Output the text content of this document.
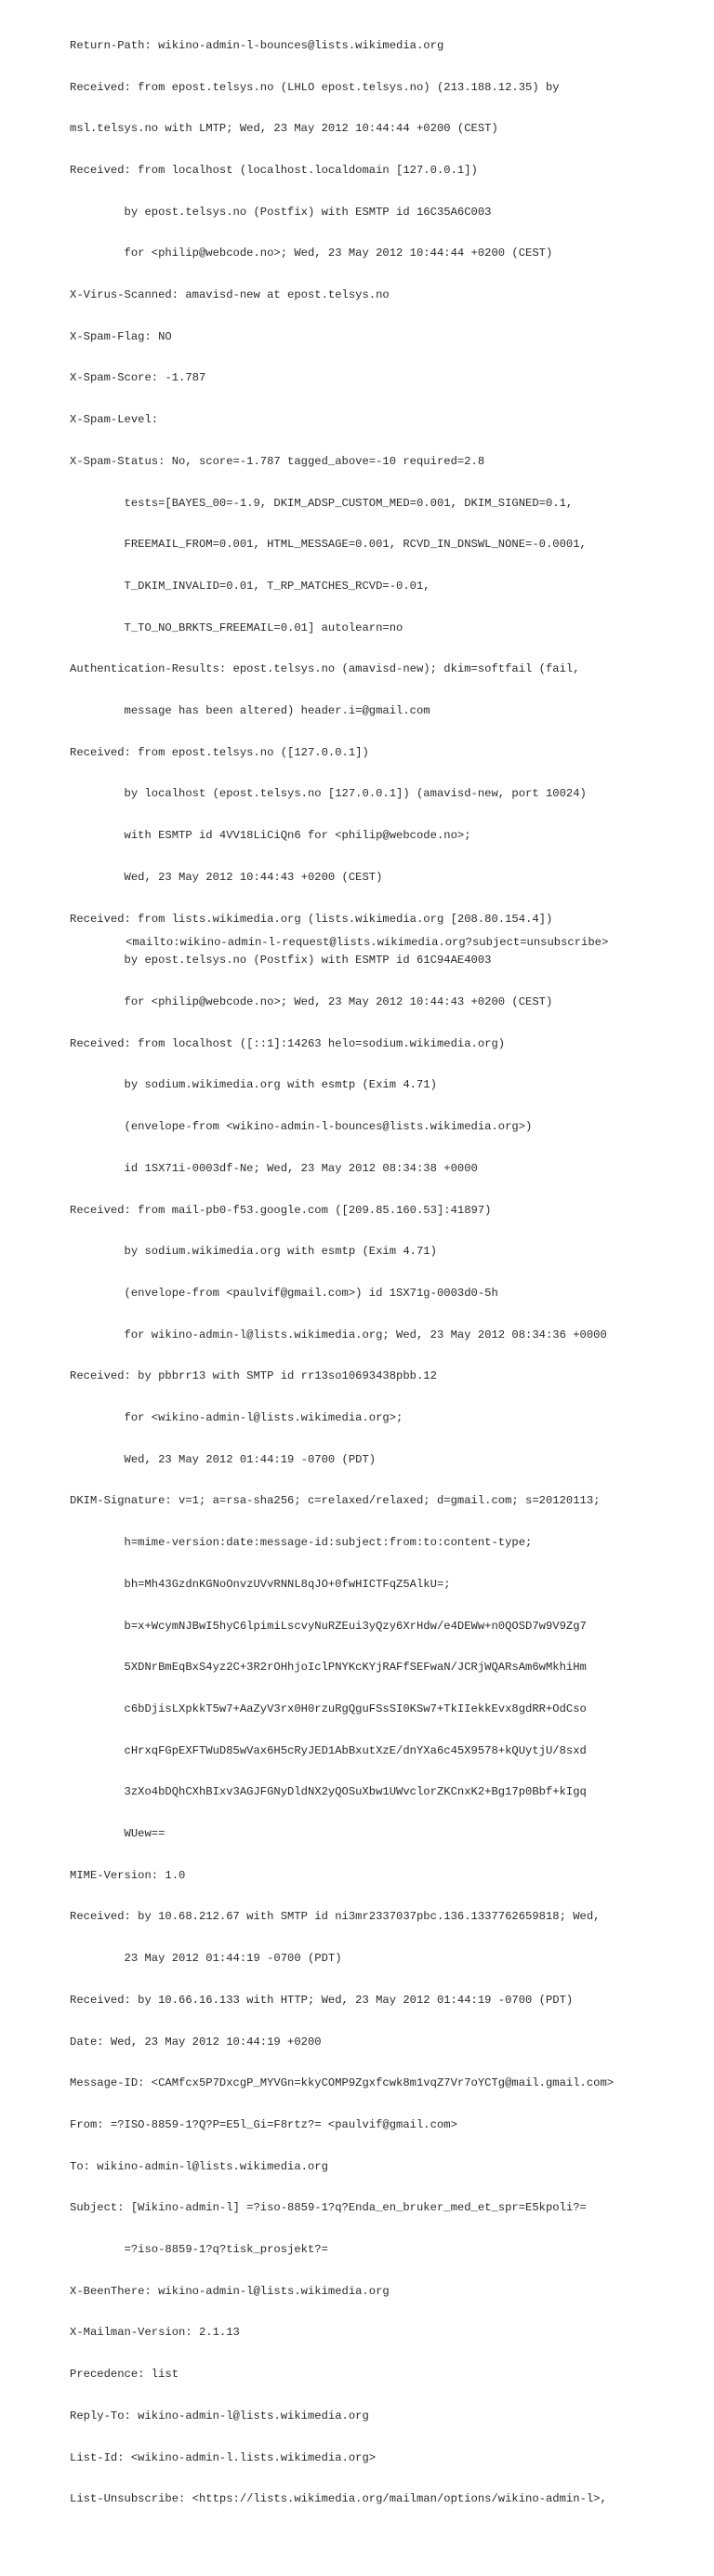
Return-Path: wikino-admin-l-bounces@lists.wikimedia.org

Received: from epost.telsys.no (LHLO epost.telsys.no) (213.188.12.35) by

msl.telsys.no with LMTP; Wed, 23 May 2012 10:44:44 +0200 (CEST)

Received: from localhost (localhost.localdomain [127.0.0.1])

by epost.telsys.no (Postfix) with ESMTP id 16C35A6C003

for <philip@webcode.no>; Wed, 23 May 2012 10:44:44 +0200 (CEST)

X-Virus-Scanned: amavisd-new at epost.telsys.no

X-Spam-Flag: NO

X-Spam-Score: -1.787

X-Spam-Level:

X-Spam-Status: No, score=-1.787 tagged_above=-10 required=2.8

tests=[BAYES_00=-1.9, DKIM_ADSP_CUSTOM_MED=0.001, DKIM_SIGNED=0.1,

FREEMAIL_FROM=0.001, HTML_MESSAGE=0.001, RCVD_IN_DNSWL_NONE=-0.0001,

T_DKIM_INVALID=0.01, T_RP_MATCHES_RCVD=-0.01,

T_TO_NO_BRKTS_FREEMAIL=0.01] autolearn=no

Authentication-Results: epost.telsys.no (amavisd-new); dkim=softfail (fail,

message has been altered) header.i=@gmail.com

Received: from epost.telsys.no ([127.0.0.1])

by localhost (epost.telsys.no [127.0.0.1]) (amavisd-new, port 10024)

with ESMTP id 4VV18LiCiQn6 for <philip@webcode.no>;

Wed, 23 May 2012 10:44:43 +0200 (CEST)

Received: from lists.wikimedia.org (lists.wikimedia.org [208.80.154.4])

by epost.telsys.no (Postfix) with ESMTP id 61C94AE4003

for <philip@webcode.no>; Wed, 23 May 2012 10:44:43 +0200 (CEST)

Received: from localhost ([::1]:14263 helo=sodium.wikimedia.org)

by sodium.wikimedia.org with esmtp (Exim 4.71)

(envelope-from <wikino-admin-l-bounces@lists.wikimedia.org>)

id 1SX71i-0003df-Ne; Wed, 23 May 2012 08:34:38 +0000

Received: from mail-pb0-f53.google.com ([209.85.160.53]:41897)

by sodium.wikimedia.org with esmtp (Exim 4.71)

(envelope-from <paulvif@gmail.com>) id 1SX71g-0003d0-5h

for wikino-admin-l@lists.wikimedia.org; Wed, 23 May 2012 08:34:36 +0000

Received: by pbbrr13 with SMTP id rr13so10693438pbb.12

for <wikino-admin-l@lists.wikimedia.org>;

Wed, 23 May 2012 01:44:19 -0700 (PDT)

DKIM-Signature: v=1; a=rsa-sha256; c=relaxed/relaxed; d=gmail.com; s=20120113;

h=mime-version:date:message-id:subject:from:to:content-type;

bh=Mh43GzdnKGNoOnvzUVvRNNL8qJO+0fwHICTFqZ5AlkU=;

b=x+WcymNJBwI5hyC6lpimiLscvyNuRZEui3yQzy6XrHdw/e4DEWw+n0QOSD7w9V9Zg7

5XDNrBmEqBxS4yz2C+3R2rOHhjoIclPNYKcKYjRAFfSEFwaN/JCRjWQARsAm6wMkhiHm

c6bDjisLXpkkT5w7+AaZyV3rx0H0rzuRgQguFSsSI0KSw7+TkIIekkEvx8gdRR+OdCso

cHrxqFGpEXFTWuD85wVax6H5cRyJED1AbBxutXzE/dnYXa6c45X9578+kQUytjU/8sxd

3zXo4bDQhCXhBIxv3AGJFGNyDldNX2yQOSuXbw1UWvclorZKCnxK2+Bg17p0Bbf+kIgq

WUew==

MIME-Version: 1.0

Received: by 10.68.212.67 with SMTP id ni3mr2337037pbc.136.1337762659818; Wed,

23 May 2012 01:44:19 -0700 (PDT)

Received: by 10.66.16.133 with HTTP; Wed, 23 May 2012 01:44:19 -0700 (PDT)

Date: Wed, 23 May 2012 10:44:19 +0200

Message-ID: <CAMfcx5P7DxcgP_MYVGn=kkyCOMP9Zgxfcwk8m1vqZ7Vr7oYCTg@mail.gmail.com>

From: =?ISO-8859-1?Q?P=E5l_Gi=F8rtz?= <paulvif@gmail.com>

To: wikino-admin-l@lists.wikimedia.org

Subject: [Wikino-admin-l] =?iso-8859-1?q?Enda_en_bruker_med_et_spr=E5kpoli?=

=?iso-8859-1?q?tisk_prosjekt?=

X-BeenThere: wikino-admin-l@lists.wikimedia.org

X-Mailman-Version: 2.1.13

Precedence: list

Reply-To: wikino-admin-l@lists.wikimedia.org

List-Id: <wikino-admin-l.lists.wikimedia.org>

List-Unsubscribe: <https://lists.wikimedia.org/mailman/options/wikino-admin-l>,

<mailto:wikino-admin-l-request@lists.wikimedia.org?subject=unsubscribe>
